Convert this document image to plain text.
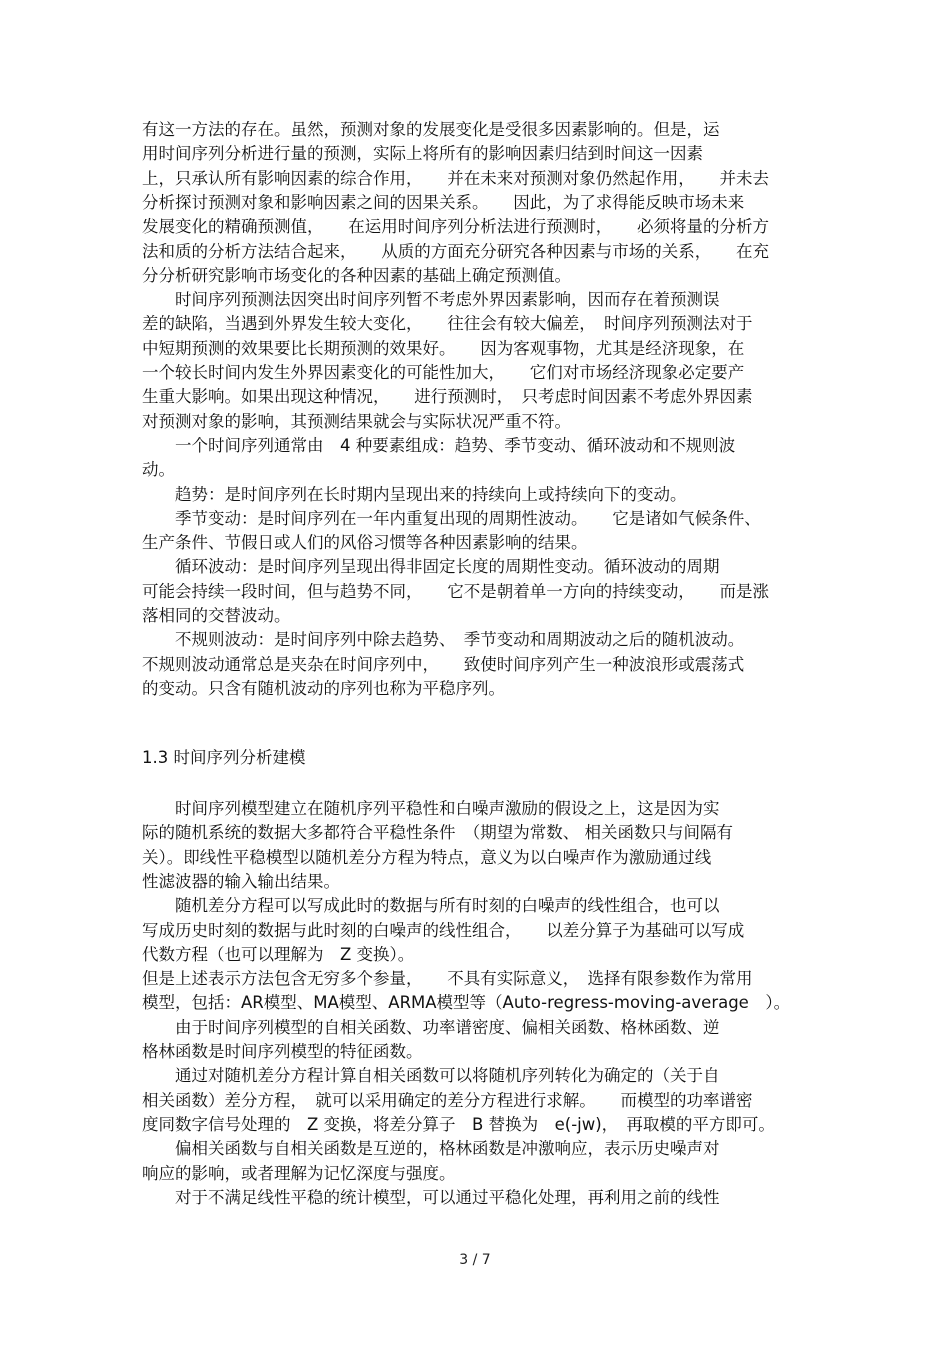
有这一方法的存在。虽然，预测对象的发展变化是受很多因素影响的。但是，运
用时间序列分析进行量的预测，实际上将所有的影响因素归结到时间这一因素
上，只承认所有影响因素的综合作用，　　并在未来对预测对象仍然起作用，　　并未去
分析探讨预测对象和影响因素之间的因果关系。　　因此，为了求得能反映市场未来
发展变化的精确预测值，　　在运用时间序列分析法进行预测时，　　必须将量的分析方
法和质的分析方法结合起来，　　从质的方面充分研究各种因素与市场的关系，　　在充
分分析研究影响市场变化的各种因素的基础上确定预测值。
　　时间序列预测法因突出时间序列暂不考虑外界因素影响，因而存在着预测误
差的缺陷，当遇到外界发生较大变化，　　往往会有较大偏差，　时间序列预测法对于
中短期预测的效果要比长期预测的效果好。　　因为客观事物，尤其是经济现象，在
一个较长时间内发生外界因素变化的可能性加大，　　它们对市场经济现象必定要产
生重大影响。如果出现这种情况，　　进行预测时，　只考虑时间因素不考虑外界因素
对预测对象的影响，其预测结果就会与实际状况严重不符。
　　一个时间序列通常由　4 种要素组成：趋势、季节变动、循环波动和不规则波
动。
　　趋势：是时间序列在长时期内呈现出来的持续向上或持续向下的变动。
　　季节变动：是时间序列在一年内重复出现的周期性波动。　　它是诸如气候条件、
生产条件、节假日或人们的风俗习惯等各种因素影响的结果。
　　循环波动：是时间序列呈现出得非固定长度的周期性变动。循环波动的周期
可能会持续一段时间，但与趋势不同，　　它不是朝着单一方向的持续变动，　　而是涨
落相同的交替波动。
　　不规则波动：是时间序列中除去趋势、　季节变动和周期波动之后的随机波动。
不规则波动通常总是夹杂在时间序列中，　　致使时间序列产生一种波浪形或震荡式
的变动。只含有随机波动的序列也称为平稳序列。
1.3 时间序列分析建模
　　时间序列模型建立在随机序列平稳性和白噪声激励的假设之上，这是因为实
际的随机系统的数据大多都符合平稳性条件　（期望为常数、 相关函数只与间隔有
关）。即线性平稳模型以随机差分方程为特点，意义为以白噪声作为激励通过线
性滤波器的输入输出结果。
　　随机差分方程可以写成此时的数据与所有时刻的白噪声的线性组合，也可以
写成历史时刻的数据与此时刻的白噪声的线性组合，　　以差分算子为基础可以写成
代数方程（也可以理解为　Z 变换）。
但是上述表示方法包含无穷多个参量，　　不具有实际意义，　选择有限参数作为常用
模型，包括：AR模型、MA模型、ARMA模型等（Auto-regress-moving-average　）。
　　由于时间序列模型的自相关函数、功率谱密度、偏相关函数、格林函数、逆
格林函数是时间序列模型的特征函数。
　　通过对随机差分方程计算自相关函数可以将随机序列转化为确定的（关于自
相关函数）差分方程，　就可以采用确定的差分方程进行求解。　　而模型的功率谱密
度同数字信号处理的　Z 变换，将差分算子　B 替换为　e(-jw)，　再取模的平方即可。
　　偏相关函数与自相关函数是互逆的，格林函数是冲激响应，表示历史噪声对
响应的影响，或者理解为记忆深度与强度。
　　对于不满足线性平稳的统计模型，可以通过平稳化处理，再利用之前的线性
3 / 7
